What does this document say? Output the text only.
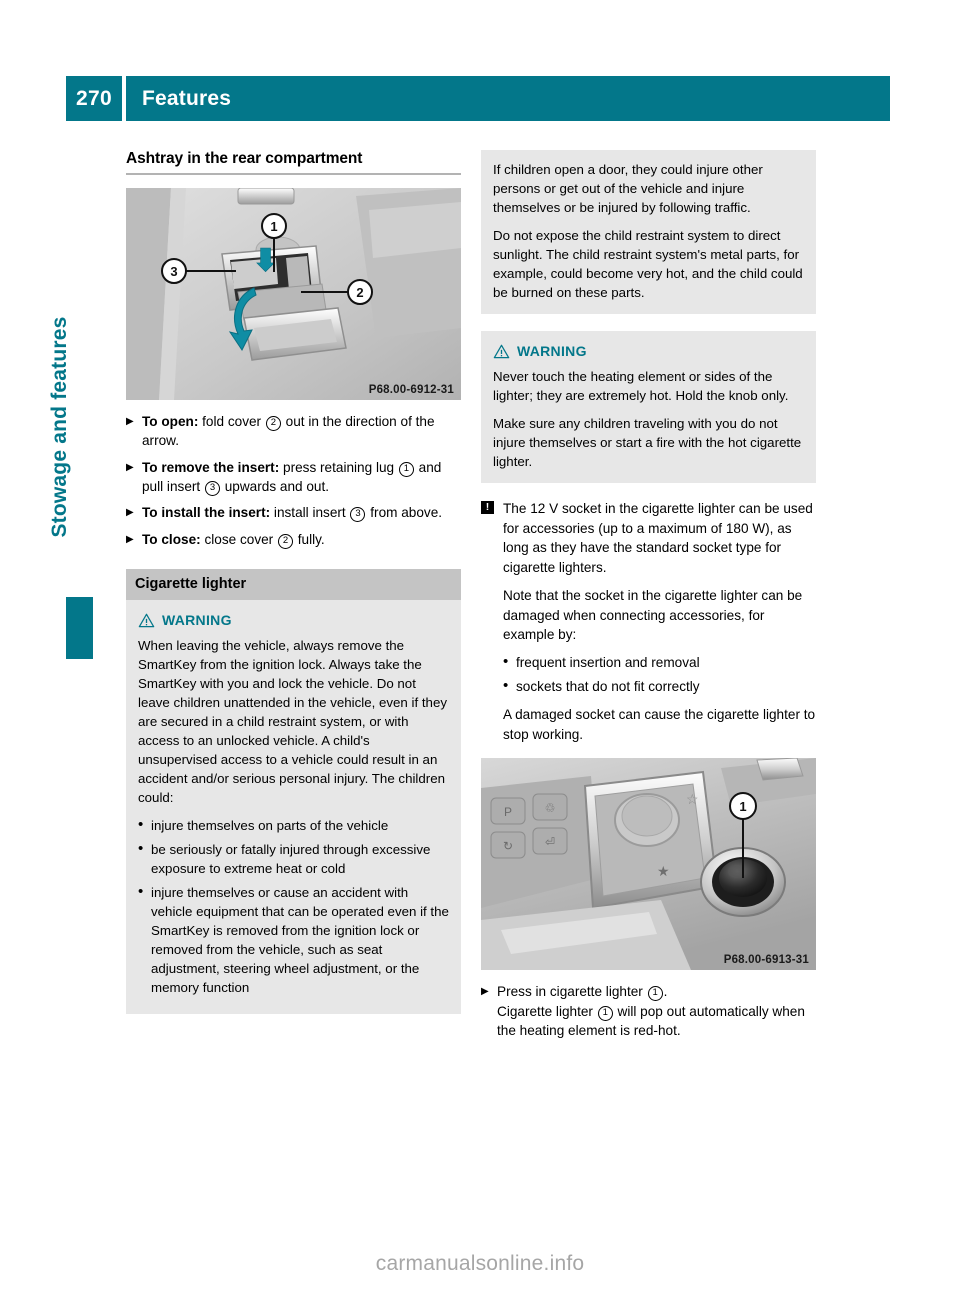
270	Features
Stowage and features
Ashtray in the rear compartment
1
2
3
P68.00-6912-31
▶ To open: fold cover 2 out in the direction of the arrow.
▶ To remove the insert: press retaining lug 1 and pull insert 3 upwards and out.
▶ To install the insert: install insert 3 from above.
▶ To close: close cover 2 fully.
Cigarette lighter
WARNING

When leaving the vehicle, always remove the SmartKey from the ignition lock. Always take the SmartKey with you and lock the vehicle. Do not leave children unattended in the vehicle, even if they are secured in a child restraint system, or with access to an unlocked vehicle. A child's unsupervised access to a vehicle could result in an accident and/or serious personal injury. The children could:

• injure themselves on parts of the vehicle
• be seriously or fatally injured through excessive exposure to extreme heat or cold
• injure themselves or cause an accident with vehicle equipment that can be operated even if the SmartKey is removed from the ignition lock or removed from the vehicle, such as seat adjustment, steering wheel adjustment, or the memory function

If children open a door, they could injure other persons or get out of the vehicle and injure themselves or be injured by following traffic.

Do not expose the child restraint system to direct sunlight. The child restraint system's metal parts, for example, could become very hot, and the child could be burned on these parts.

WARNING

Never touch the heating element or sides of the lighter; they are extremely hot. Hold the knob only.

Make sure any children traveling with you do not injure themselves or start a fire with the hot cigarette lighter.

!	The 12 V socket in the cigarette lighter can be used for accessories (up to a maximum of 180 W), as long as they have the standard socket type for cigarette lighters.

Note that the socket in the cigarette lighter can be damaged when connecting accessories, for example by:

• frequent insertion and removal
• sockets that do not fit correctly

A damaged socket can cause the cigarette lighter to stop working.

P	♲
↻	⏎
☆
★
1
P68.00-6913-31
▶ Press in cigarette lighter 1 .
Cigarette lighter 1 will pop out automatically when the heating element is red-hot.
carmanualsonline.info
